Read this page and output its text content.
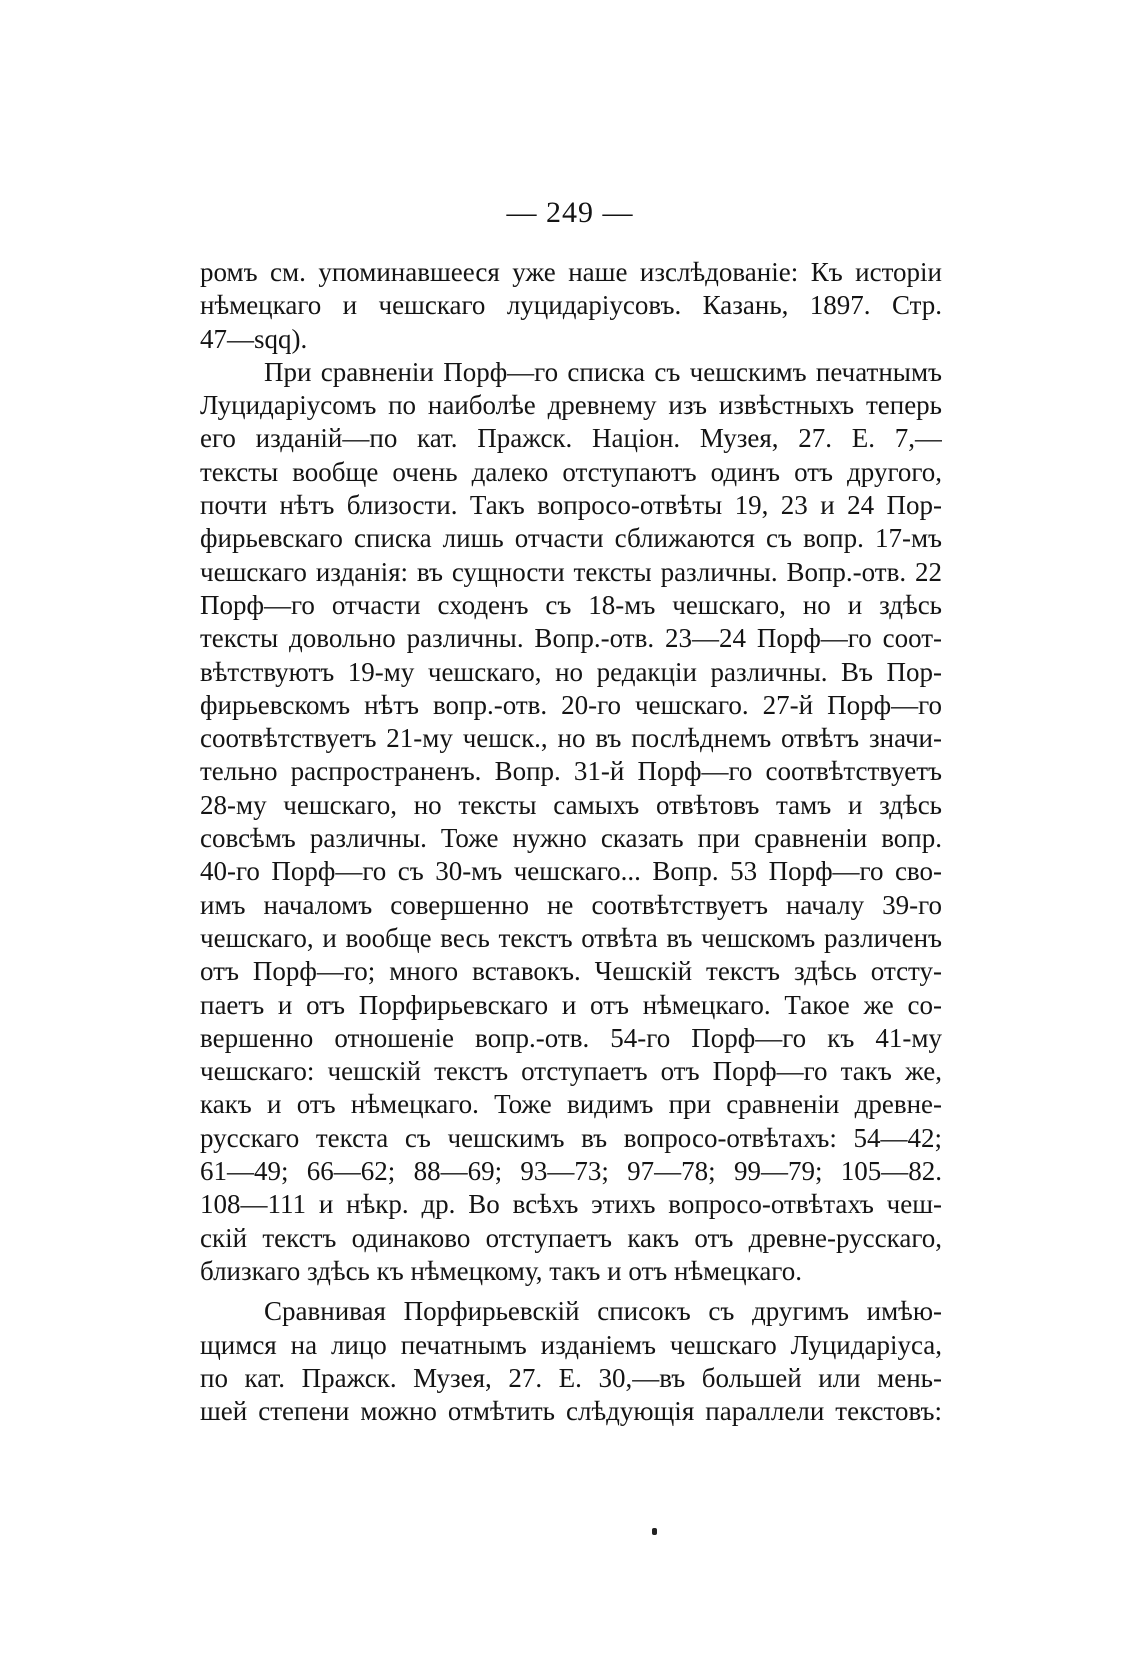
— 249 —
ромъ см. упоминавшееся уже наше изслѣдованіе: Къ исторіи
нѣмецкаго и чешскаго луцидаріусовъ. Казань, 1897. Стр.
47—sqq).
При сравненіи Порф—го списка съ чешскимъ печатнымъ
Луцидаріусомъ по наиболѣе древнему изъ извѣстныхъ теперь
его изданій—по кат. Пражск. Націон. Музея, 27. E. 7,—
тексты вообще очень далеко отступаютъ одинъ отъ другого,
почти нѣтъ близости. Такъ вопросо-отвѣты 19, 23 и 24 Пор-
фирьевскаго списка лишь отчасти сближаются съ вопр. 17-мъ
чешскаго изданія: въ сущности тексты различны. Вопр.-отв. 22
Порф—го отчасти сходенъ съ 18-мъ чешскаго, но и здѣсь
тексты довольно различны. Вопр.-отв. 23—24 Порф—го соот-
вѣтствуютъ 19-му чешскаго, но редакціи различны. Въ Пор-
фирьевскомъ нѣтъ вопр.-отв. 20-го чешскаго. 27-й Порф—го
соотвѣтствуетъ 21-му чешск., но въ послѣднемъ отвѣтъ значи-
тельно распространенъ. Вопр. 31-й Порф—го соотвѣтствуетъ
28-му чешскаго, но тексты самыхъ отвѣтовъ тамъ и здѣсь
совсѣмъ различны. Тоже нужно сказать при сравненіи вопр.
40-го Порф—го съ 30-мъ чешскаго... Вопр. 53 Порф—го сво-
имъ началомъ совершенно не соотвѣтствуетъ началу 39-го
чешскаго, и вообще весь текстъ отвѣта въ чешскомъ различенъ
отъ Порф—го; много вставокъ. Чешскій текстъ здѣсь отсту-
паетъ и отъ Порфирьевскаго и отъ нѣмецкаго. Такое же со-
вершенно отношеніе вопр.-отв. 54-го Порф—го къ 41-му
чешскаго: чешскій текстъ отступаетъ отъ Порф—го такъ же,
какъ и отъ нѣмецкаго. Тоже видимъ при сравненіи древне-
русскаго текста съ чешскимъ въ вопросо-отвѣтахъ: 54—42;
61—49; 66—62; 88—69; 93—73; 97—78; 99—79; 105—82.
108—111 и нѣкр. др. Во всѣхъ этихъ вопросо-отвѣтахъ чеш-
скій текстъ одинаково отступаетъ какъ отъ древне-русскаго,
близкаго здѣсь къ нѣмецкому, такъ и отъ нѣмецкаго.
Сравнивая Порфирьевскій списокъ съ другимъ имѣю-
щимся на лицо печатнымъ изданіемъ чешскаго Луцидаріуса,
по кат. Пражск. Музея, 27. E. 30,—въ большей или мень-
шей степени можно отмѣтить слѣдующія параллели текстовъ:
